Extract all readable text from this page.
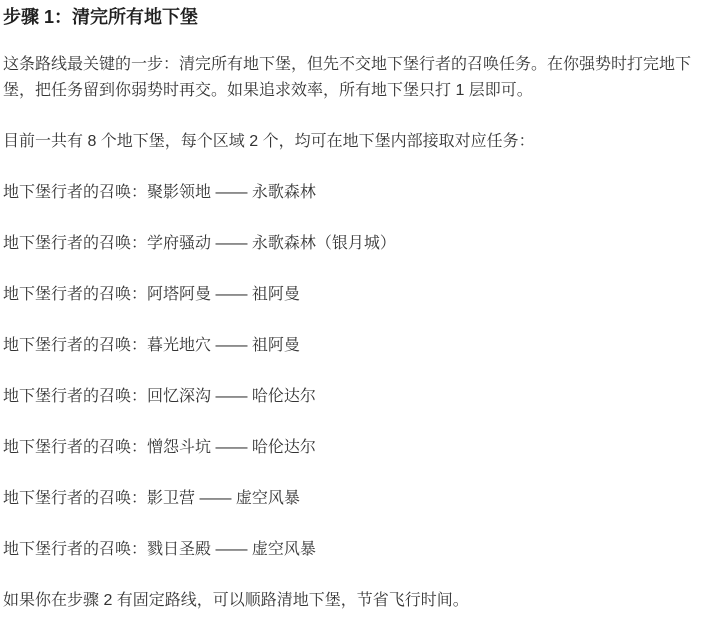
步骤 1：清完所有地下堡

这条路线最关键的一步：清完所有地下堡，但先不交地下堡行者的召唤任务。在你强势时打完地下堡，把任务留到你弱势时再交。如果追求效率，所有地下堡只打 1 层即可。

目前一共有 8 个地下堡，每个区域 2 个，均可在地下堡内部接取对应任务：

地下堡行者的召唤：聚影领地 —— 永歌森林

地下堡行者的召唤：学府骚动 —— 永歌森林（银月城）

地下堡行者的召唤：阿塔阿曼 —— 祖阿曼

地下堡行者的召唤：暮光地穴 —— 祖阿曼

地下堡行者的召唤：回忆深沟 —— 哈伦达尔

地下堡行者的召唤：憎怨斗坑 —— 哈伦达尔

地下堡行者的召唤：影卫营 —— 虚空风暴

地下堡行者的召唤：戮日圣殿 —— 虚空风暴

如果你在步骤 2 有固定路线，可以顺路清地下堡，节省飞行时间。
